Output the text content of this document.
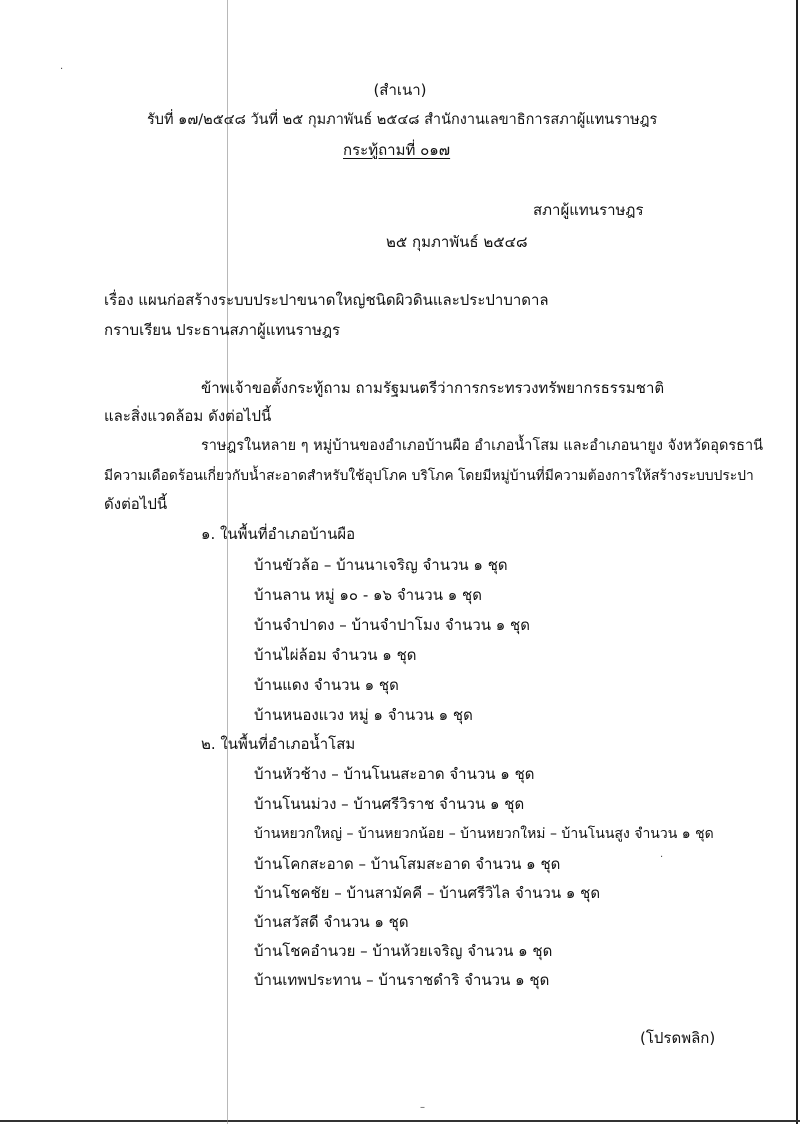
(สำเนา)
รับที่ ๑๗/๒๕๔๘ วันที่ ๒๕ กุมภาพันธ์ ๒๕๔๘ สำนักงานเลขาธิการสภาผู้แทนราษฎร
กระทู้ถามที่ ๐๑๗
สภาผู้แทนราษฎร
๒๕ กุมภาพันธ์ ๒๕๔๘
เรื่อง แผนก่อสร้างระบบประปาขนาดใหญ่ชนิดผิวดินและประปาบาดาล
กราบเรียน ประธานสภาผู้แทนราษฎร
ข้าพเจ้าขอตั้งกระทู้ถาม ถามรัฐมนตรีว่าการกระทรวงทรัพยากรธรรมชาติ
และสิ่งแวดล้อม ดังต่อไปนี้
ราษฎรในหลาย ๆ หมู่บ้านของอำเภอบ้านผือ อำเภอน้ำโสม และอำเภอนายูง จังหวัดอุดรธานี
มีความเดือดร้อนเกี่ยวกับน้ำสะอาดสำหรับใช้อุปโภค บริโภค โดยมีหมู่บ้านที่มีความต้องการให้สร้างระบบประปา
ดังต่อไปนี้
๑. ในพื้นที่อำเภอบ้านผือ
บ้านขัวล้อ – บ้านนาเจริญ จำนวน ๑ ชุด
บ้านลาน หมู่ ๑๐ - ๑๖ จำนวน ๑ ชุด
บ้านจำปาดง – บ้านจำปาโมง จำนวน ๑ ชุด
บ้านไผ่ล้อม จำนวน ๑ ชุด
บ้านแดง จำนวน ๑ ชุด
บ้านหนองแวง หมู่ ๑ จำนวน ๑ ชุด
๒. ในพื้นที่อำเภอน้ำโสม
บ้านหัวช้าง – บ้านโนนสะอาด จำนวน ๑ ชุด
บ้านโนนม่วง – บ้านศรีวิราช จำนวน ๑ ชุด
บ้านหยวกใหญ่ – บ้านหยวกน้อย – บ้านหยวกใหม่ – บ้านโนนสูง จำนวน ๑ ชุด
บ้านโคกสะอาด – บ้านโสมสะอาด จำนวน ๑ ชุด
บ้านโชคชัย – บ้านสามัคคี – บ้านศรีวิไล จำนวน ๑ ชุด
บ้านสวัสดี จำนวน ๑ ชุด
บ้านโชคอำนวย – บ้านห้วยเจริญ จำนวน ๑ ชุด
บ้านเทพประทาน – บ้านราชดำริ จำนวน ๑ ชุด
(โปรดพลิก)
·
·
–
